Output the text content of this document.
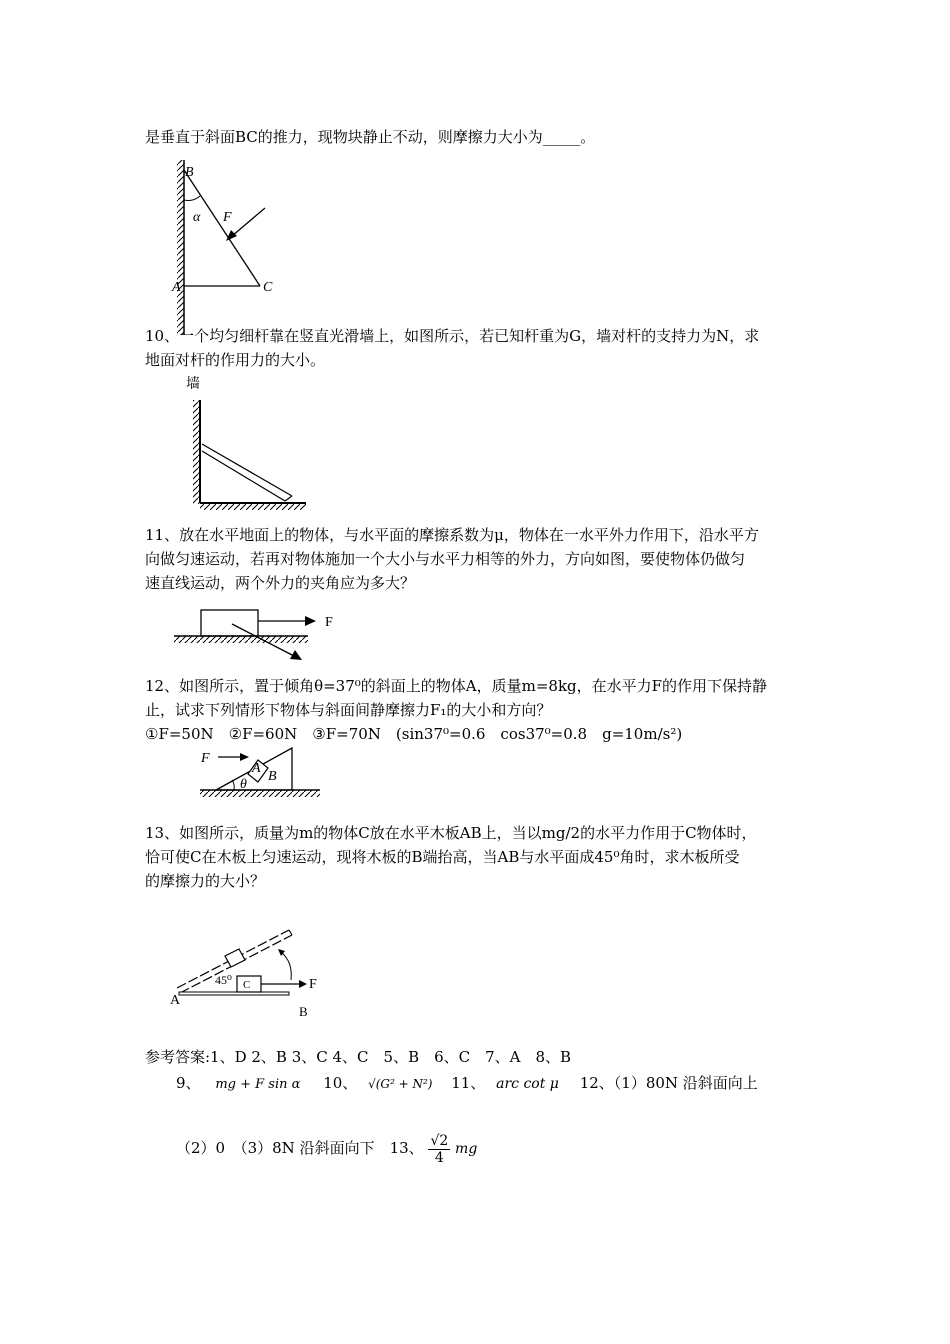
是垂直于斜面BC的推力，现物块静止不动，则摩擦力大小为_____。
B
A	C
α F
10、一个均匀细杆靠在竖直光滑墙上，如图所示，若已知杆重为G，墙对杆的支持力为N，求
地面对杆的作用力的大小。
墙
11、放在水平地面上的物体，与水平面的摩擦系数为μ，物体在一水平外力作用下，沿水平方
向做匀速运动，若再对物体施加一个大小与水平力相等的外力，方向如图，要使物体仍做匀
速直线运动，两个外力的夹角应为多大？
F
12、如图所示，置于倾角θ=37⁰的斜面上的物体A，质量m=8kg，在水平力F的作用下保持静
止，试求下列情形下物体与斜面间静摩擦力F₁的大小和方向？
①F=50N　②F=60N　③F=70N　(sin37⁰=0.6　cos37⁰=0.8　g=10m/s²)
F
A
B
θ
13、如图所示，质量为m的物体C放在水平木板AB上，当以mg/2的水平力作用于C物体时，
恰可使C在木板上匀速运动，现将木板的B端抬高，当AB与水平面成45⁰角时，求木板所受
的摩擦力的大小？
45⁰ C	F
A
B
参考答案:1、D 2、B 3、C 4、C　5、B　6、C　7、A　8、B
9、 mg + F sin α 10、 √(G² + N²) 11、 arc cot μ 12、（1）80N 沿斜面向上
（2）0　（3）8N 沿斜面向下　13、 $\frac{√2}{4}$ mg
